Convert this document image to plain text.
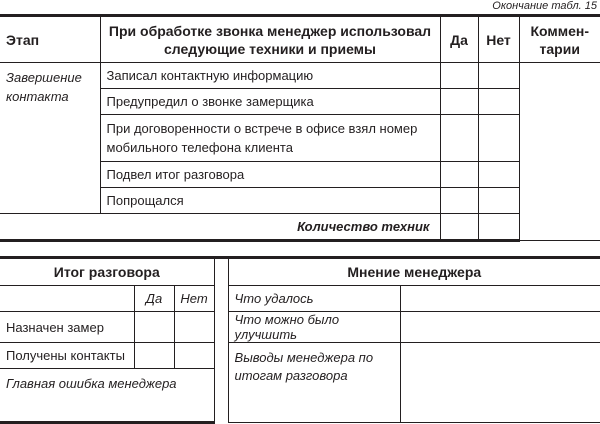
Окончание табл. 15
Этап	При обработке звонка менеджер использовал следующие техники и приемы	Да	Нет	Коммен-тарии
Завершение контакта	Записал контактную информацию			
	Предупредил о звонке замерщика			
	При договоренности о встрече в офисе взял номер мобильного телефона клиента			
	Подвел итог разговора			
	Попрощался			
Количество техник				
Итог разговора				Мнение менеджера	
	Да	Нет		Что удалось	
Назначен замер				Что можно было улучшить	
Получены контакты				Выводы менеджера по итогам разговора	
Главная ошибка менеджера					
